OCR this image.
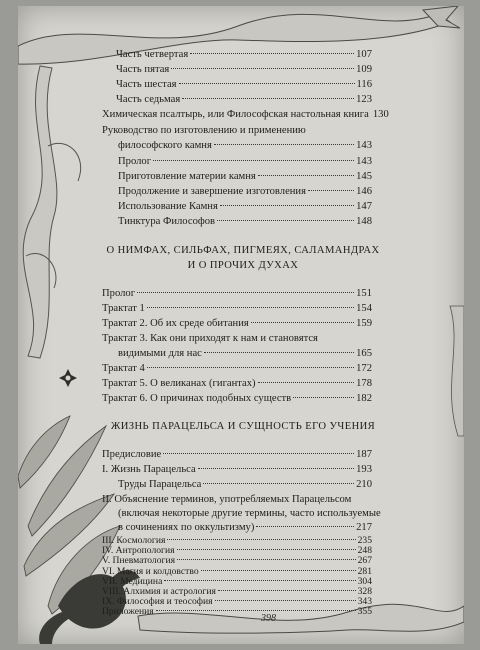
Часть четвертая	107
Часть пятая	109
Часть шестая	116
Часть седьмая	123
Химическая псалтырь, или Философская настольная книга 130
Руководство по изготовлению и применению
философского камня	143
Пролог	143
Приготовление материи камня	145
Продолжение и завершение изготовления	146
Использование Камня	147
Тинктура Философов	148
О НИМФАХ, СИЛЬФАХ, ПИГМЕЯХ, САЛАМАНДРАХ
И О ПРОЧИХ ДУХАХ
Пролог	151
Трактат 1	154
Трактат 2. Об их среде обитания	159
Трактат 3. Как они приходят к нам и становятся
видимыми для нас	165
Трактат 4	172
Трактат 5. О великанах (гигантах)	178
Трактат 6. О причинах подобных существ	182
ЖИЗНЬ ПАРАЦЕЛЬСА И СУЩНОСТЬ ЕГО УЧЕНИЯ
Предисловие	187
I. Жизнь Парацельса	193
Труды Парацельса	210
II. Объяснение терминов, употребляемых Парацельсом
(включая некоторые другие термины, часто используемые
в сочинениях по оккультизму)	217
III. Космология	235
IV. Антропология	248
V. Пневматология	267
VI. Магия и колдовство	281
VII. Медицина	304
VIII. Алхимия и астрология	328
IX. Философия и теософия	343
Приложения	355
398
